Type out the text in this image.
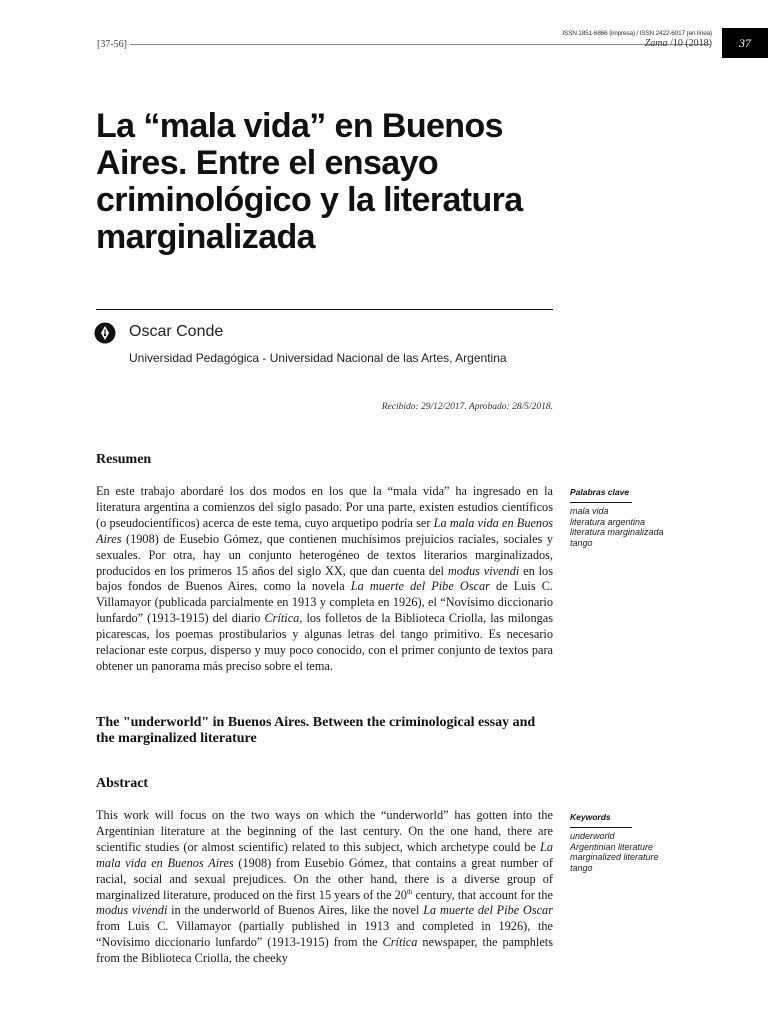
[37-56]
ISSN 1851-6866 (impresa) / ISSN 2422-6017 (en línea)
Zama /10 (2018)	37
La “mala vida” en Buenos Aires. Entre el ensayo criminológico y la literatura marginalizada
Oscar Conde
Universidad Pedagógica - Universidad Nacional de las Artes, Argentina
Recibido: 29/12/2017. Aprobado: 28/5/2018.
Resumen

En este trabajo abordaré los dos modos en los que la “mala vida” ha ingresado en la literatura argentina a comienzos del siglo pasado. Por una parte, existen estudios científicos (o pseudocientíficos) acerca de este tema, cuyo arquetipo podría ser La mala vida en Buenos Aires (1908) de Eusebio Gómez, que contienen muchísimos prejuicios raciales, sociales y sexuales. Por otra, hay un conjunto heterogéneo de textos literarios marginalizados, producidos en los primeros 15 años del siglo XX, que dan cuenta del modus vivendi en los bajos fondos de Buenos Aires, como la novela La muerte del Pibe Oscar de Luis C. Villamayor (publicada parcialmente en 1913 y completa en 1926), el “Novísimo diccionario lunfardo” (1913-1915) del diario Crítica, los folletos de la Biblioteca Criolla, las milongas picarescas, los poemas prostibularios y algunas letras del tango primitivo. Es necesario relacionar este corpus, disperso y muy poco conocido, con el primer conjunto de textos para obtener un panorama más preciso sobre el tema.

Palabras clave
mala vida
literatura argentina
literatura marginalizada
tango
The "underworld" in Buenos Aires. Between the criminological essay and the marginalized literature
Abstract

This work will focus on the two ways on which the “underworld” has gotten into the Argentinian literature at the beginning of the last century. On the one hand, there are scientific studies (or almost scientific) related to this subject, which archetype could be La mala vida en Buenos Aires (1908) from Eusebio Gómez, that contains a great number of racial, social and sexual prejudices. On the other hand, there is a diverse group of marginalized literature, produced on the first 15 years of the 20th century, that account for the modus vivendi in the underworld of Buenos Aires, like the novel La muerte del Pibe Oscar from Luis C. Villamayor (partially published in 1913 and completed in 1926), the “Novísimo diccionario lunfardo” (1913-1915) from the Crítica newspaper, the pamphlets from the Biblioteca Criolla, the cheeky

Keywords
underworld
Argentinian literature
marginalized literature
tango
